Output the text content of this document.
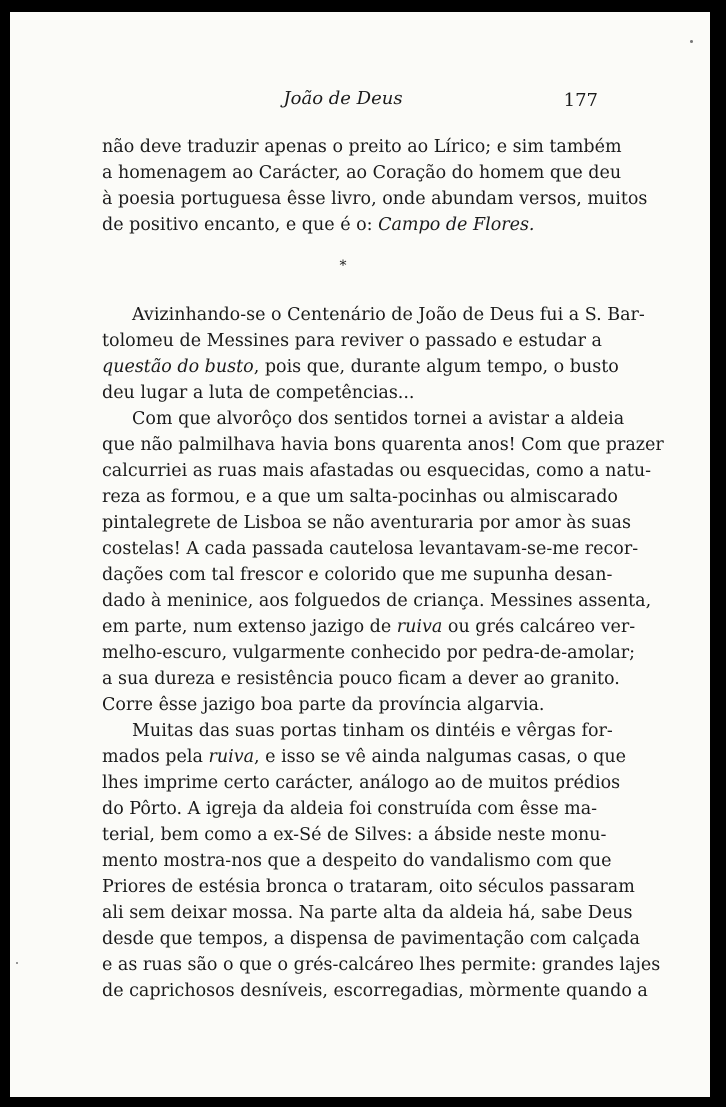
João de Deus	177
não deve traduzir apenas o preito ao Lírico; e sim também
a homenagem ao Carácter, ao Coração do homem que deu
à poesia portuguesa êsse livro, onde abundam versos, muitos
de positivo encanto, e que é o: Campo de Flores.
*
Avizinhando-se o Centenário de João de Deus fui a S. Bar-
tolomeu de Messines para reviver o passado e estudar a
questão do busto, pois que, durante algum tempo, o busto
deu lugar a luta de competências...
Com que alvorôço dos sentidos tornei a avistar a aldeia
que não palmilhava havia bons quarenta anos! Com que prazer
calcurriei as ruas mais afastadas ou esquecidas, como a natu-
reza as formou, e a que um salta-pocinhas ou almiscarado
pintalegrete de Lisboa se não aventuraria por amor às suas
costelas! A cada passada cautelosa levantavam-se-me recor-
dações com tal frescor e colorido que me supunha desan-
dado à meninice, aos folguedos de criança. Messines assenta,
em parte, num extenso jazigo de ruiva ou grés calcáreo ver-
melho-escuro, vulgarmente conhecido por pedra-de-amolar;
a sua dureza e resistência pouco ficam a dever ao granito.
Corre êsse jazigo boa parte da província algarvia.
Muitas das suas portas tinham os dintéis e vêrgas for-
mados pela ruiva, e isso se vê ainda nalgumas casas, o que
lhes imprime certo carácter, análogo ao de muitos prédios
do Pôrto. A igreja da aldeia foi construída com êsse ma-
terial, bem como a ex-Sé de Silves: a ábside neste monu-
mento mostra-nos que a despeito do vandalismo com que
Priores de estésia bronca o trataram, oito séculos passaram
ali sem deixar mossa. Na parte alta da aldeia há, sabe Deus
desde que tempos, a dispensa de pavimentação com calçada
e as ruas são o que o grés-calcáreo lhes permite: grandes lajes
de caprichosos desníveis, escorregadias, mòrmente quando a
